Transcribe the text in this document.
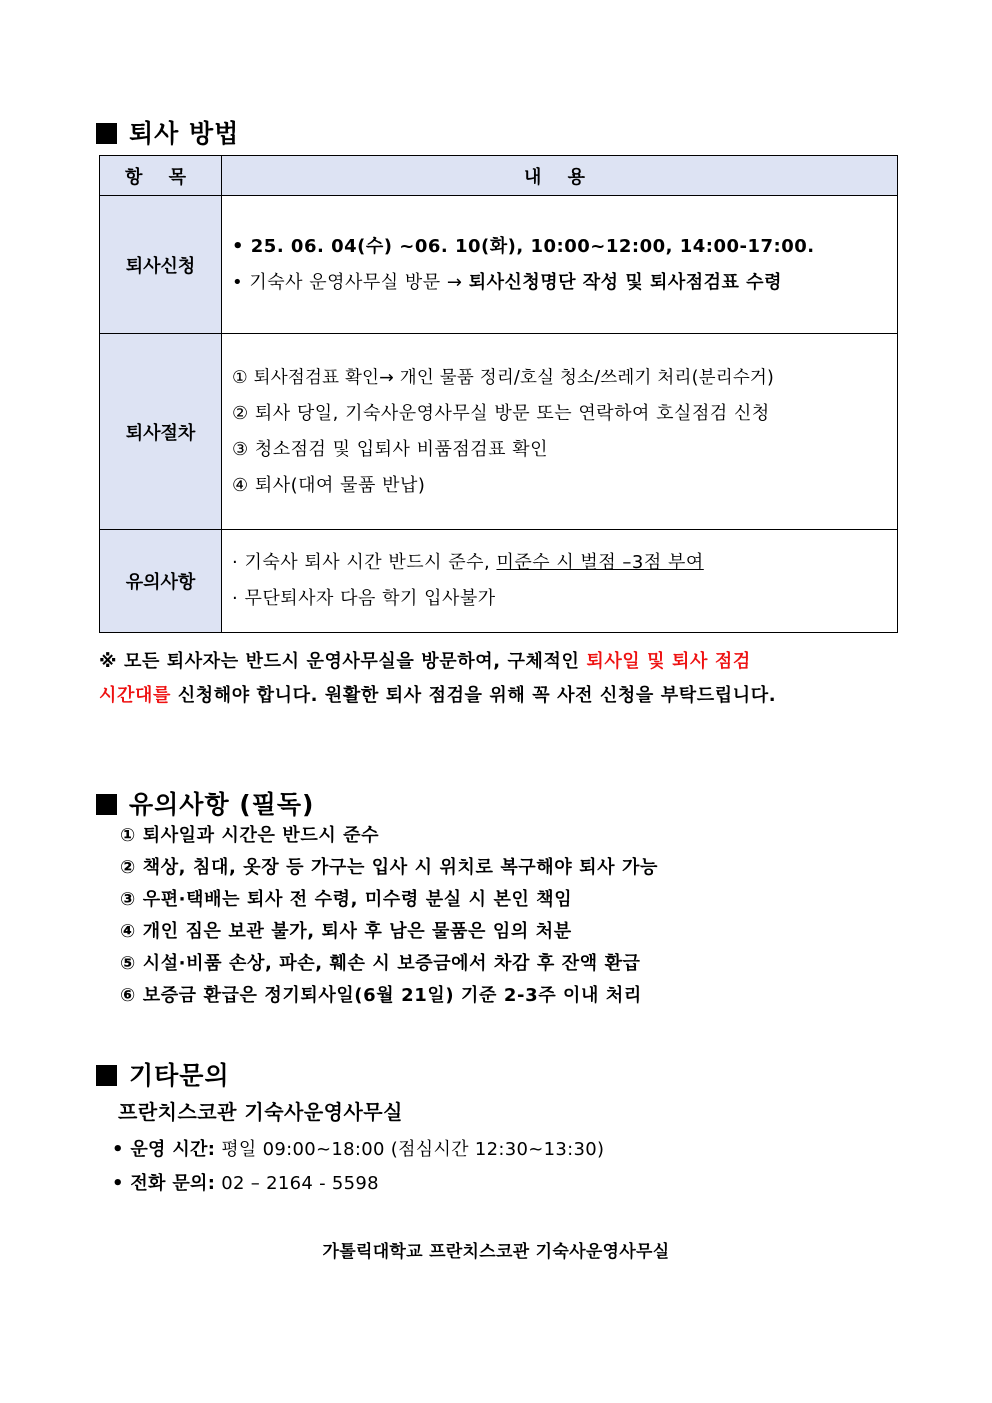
퇴사 방법
항 목	내 용
퇴사신청	• 25. 06. 04(수) ~06. 10(화), 10:00~12:00, 14:00-17:00.
• 기숙사 운영사무실 방문 → 퇴사신청명단 작성 및 퇴사점검표 수령

퇴사절차	① 퇴사점검표 확인→ 개인 물품 정리/호실 청소/쓰레기 처리(분리수거)
② 퇴사 당일, 기숙사운영사무실 방문 또는 연락하여 호실점검 신청
③ 청소점검 및 입퇴사 비품점검표 확인
④ 퇴사(대여 물품 반납)

유의사항	· 기숙사 퇴사 시간 반드시 준수, 미준수 시 벌점 –3점 부여
· 무단퇴사자 다음 학기 입사불가
※ 모든 퇴사자는 반드시 운영사무실을 방문하여, 구체적인 퇴사일 및 퇴사 점검
시간대를 신청해야 합니다. 원활한 퇴사 점검을 위해 꼭 사전 신청을 부탁드립니다.
유의사항 (필독)
① 퇴사일과 시간은 반드시 준수
② 책상, 침대, 옷장 등 가구는 입사 시 위치로 복구해야 퇴사 가능
③ 우편·택배는 퇴사 전 수령, 미수령 분실 시 본인 책임
④ 개인 짐은 보관 불가, 퇴사 후 남은 물품은 임의 처분
⑤ 시설·비품 손상, 파손, 훼손 시 보증금에서 차감 후 잔액 환급
⑥ 보증금 환급은 정기퇴사일(6월 21일) 기준 2-3주 이내 처리
기타문의
프란치스코관 기숙사운영사무실
• 운영 시간: 평일 09:00~18:00 (점심시간 12:30~13:30)
• 전화 문의: 02 – 2164 - 5598
가톨릭대학교 프란치스코관 기숙사운영사무실
